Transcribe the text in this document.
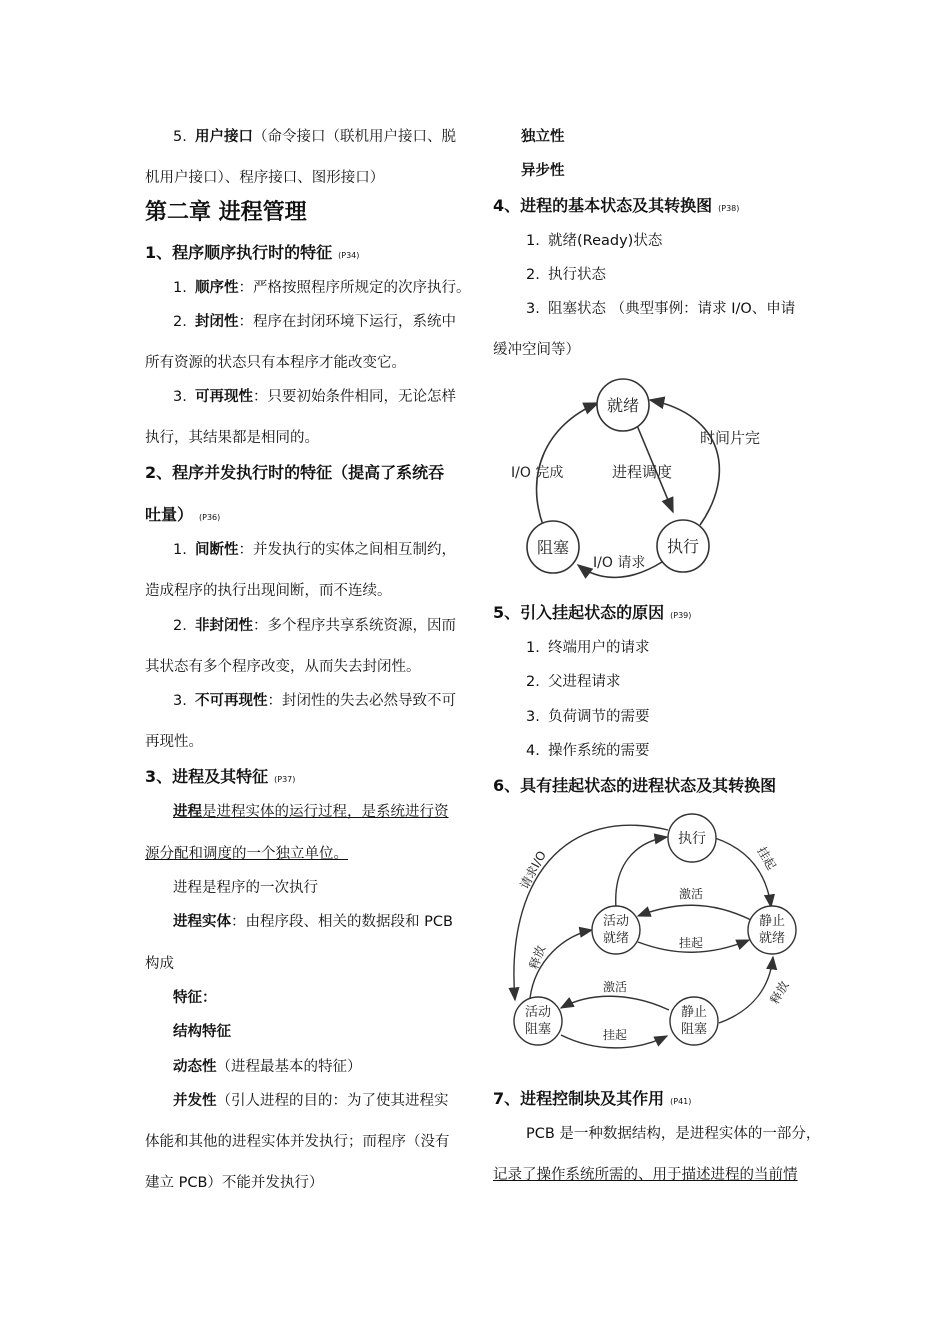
5. 用户接口（命令接口（联机用户接口、脱
机用户接口）、程序接口、图形接口）
第二章 进程管理
1、程序顺序执行时的特征 (P34)
1. 顺序性：严格按照程序所规定的次序执行。
2. 封闭性：程序在封闭环境下运行，系统中
所有资源的状态只有本程序才能改变它。
3. 可再现性：只要初始条件相同，无论怎样
执行，其结果都是相同的。
2、程序并发执行时的特征（提高了系统吞
吐量） (P36)
1. 间断性：并发执行的实体之间相互制约，
造成程序的执行出现间断，而不连续。
2. 非封闭性：多个程序共享系统资源，因而
其状态有多个程序改变，从而失去封闭性。
3. 不可再现性：封闭性的失去必然导致不可
再现性。
3、进程及其特征 (P37)
进程是进程实体的运行过程，是系统进行资
源分配和调度的一个独立单位。
进程是程序的一次执行
进程实体：由程序段、相关的数据段和 PCB
构成
特征：
结构特征
动态性（进程最基本的特征）
并发性（引人进程的目的：为了使其进程实
体能和其他的进程实体并发执行；而程序（没有
建立 PCB）不能并发执行）
独立性
异步性
4、进程的基本状态及其转换图 (P38)
1. 就绪(Ready)状态
2. 执行状态
3. 阻塞状态 （典型事例：请求 I/O、申请
缓冲空间等）
5、引入挂起状态的原因 (P39)
1. 终端用户的请求
2. 父进程请求
3. 负荷调节的需要
4. 操作系统的需要
6、具有挂起状态的进程状态及其转换图
7、进程控制块及其作用 (P41)
PCB 是一种数据结构，是进程实体的一部分，
记录了操作系统所需的、用于描述进程的当前情
就绪
执行
阻塞
时间片完
I/O 完成	进程调度
I/O 请求
执行
活动
就绪
静止
就绪
活动
阻塞
静止
阻塞
请求I/O	挂起
激活
挂起
释放
释放
激活
挂起
